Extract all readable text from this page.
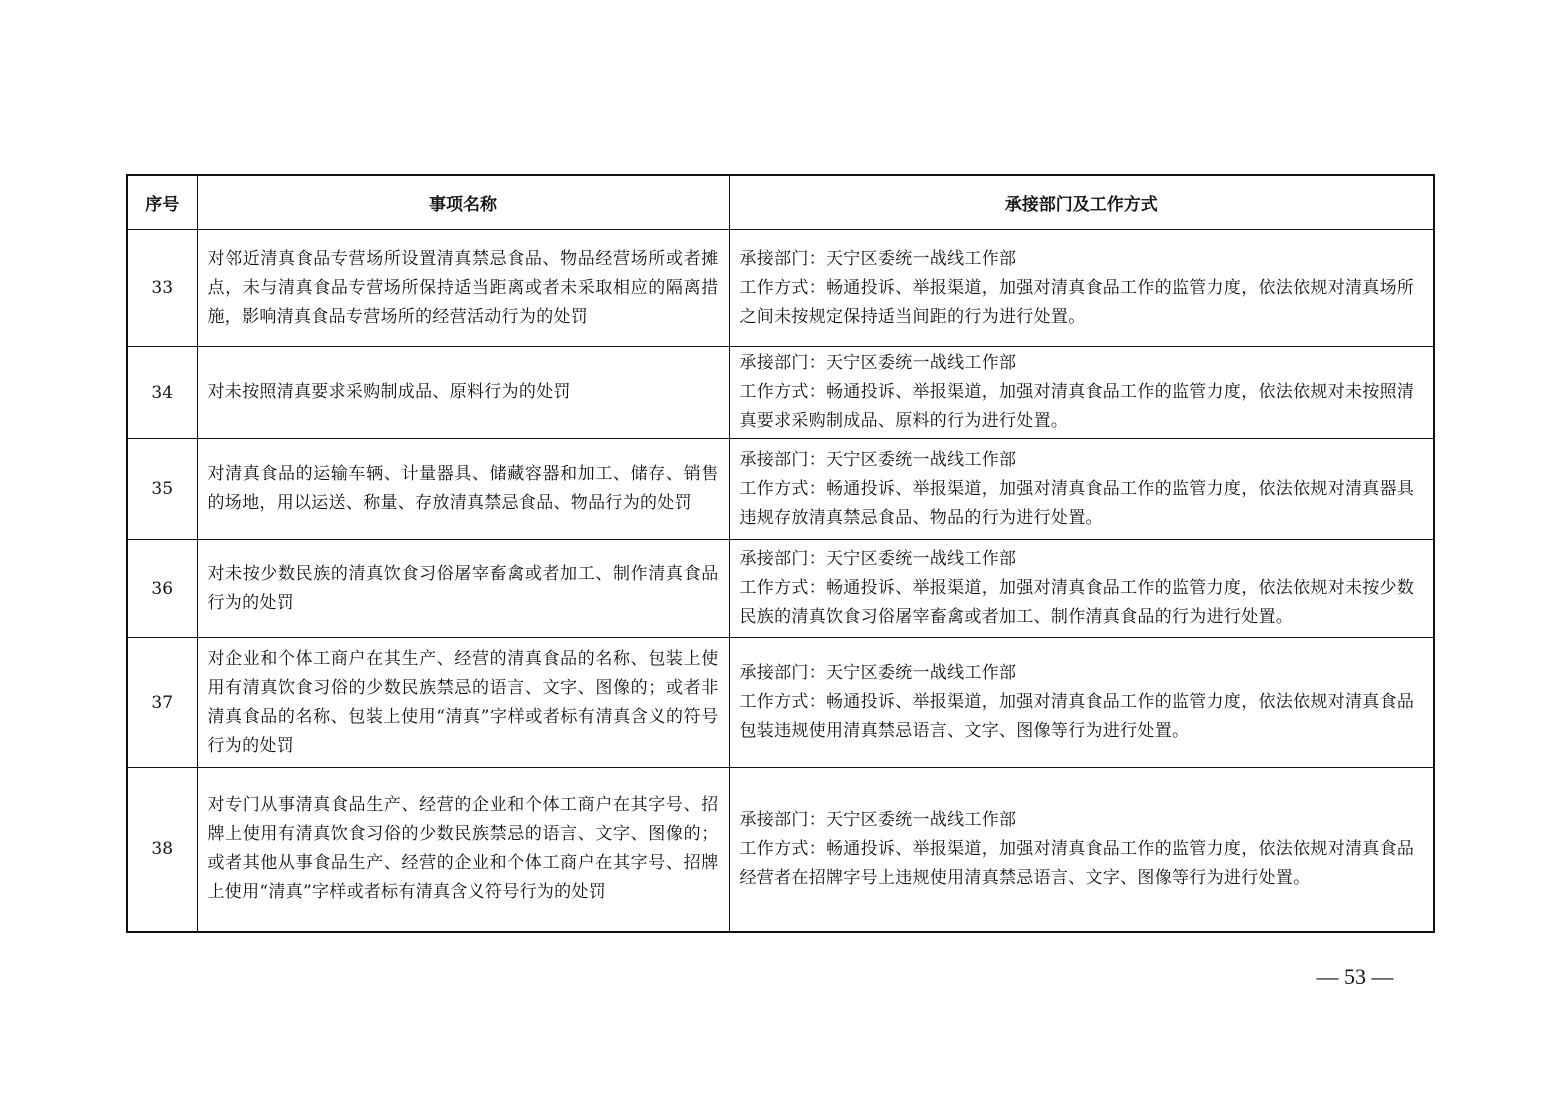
序号	事项名称	承接部门及工作方式
33	对邻近清真食品专营场所设置清真禁忌食品、物品经营场所或者摊点，未与清真食品专营场所保持适当距离或者未采取相应的隔离措施，影响清真食品专营场所的经营活动行为的处罚	承接部门：天宁区委统一战线工作部
工作方式：畅通投诉、举报渠道，加强对清真食品工作的监管力度，依法依规对清真场所之间未按规定保持适当间距的行为进行处置。

34	对未按照清真要求采购制成品、原料行为的处罚	承接部门：天宁区委统一战线工作部
工作方式：畅通投诉、举报渠道，加强对清真食品工作的监管力度，依法依规对未按照清真要求采购制成品、原料的行为进行处置。

35	对清真食品的运输车辆、计量器具、储藏容器和加工、储存、销售的场地，用以运送、称量、存放清真禁忌食品、物品行为的处罚	承接部门：天宁区委统一战线工作部
工作方式：畅通投诉、举报渠道，加强对清真食品工作的监管力度，依法依规对清真器具违规存放清真禁忌食品、物品的行为进行处置。

36	对未按少数民族的清真饮食习俗屠宰畜禽或者加工、制作清真食品行为的处罚	承接部门：天宁区委统一战线工作部
工作方式：畅通投诉、举报渠道，加强对清真食品工作的监管力度，依法依规对未按少数民族的清真饮食习俗屠宰畜禽或者加工、制作清真食品的行为进行处置。

37	对企业和个体工商户在其生产、经营的清真食品的名称、包装上使用有清真饮食习俗的少数民族禁忌的语言、文字、图像的；或者非清真食品的名称、包装上使用“清真”字样或者标有清真含义的符号行为的处罚	承接部门：天宁区委统一战线工作部
工作方式：畅通投诉、举报渠道，加强对清真食品工作的监管力度，依法依规对清真食品包装违规使用清真禁忌语言、文字、图像等行为进行处置。

38	对专门从事清真食品生产、经营的企业和个体工商户在其字号、招牌上使用有清真饮食习俗的少数民族禁忌的语言、文字、图像的；或者其他从事食品生产、经营的企业和个体工商户在其字号、招牌上使用“清真”字样或者标有清真含义符号行为的处罚	承接部门：天宁区委统一战线工作部
工作方式：畅通投诉、举报渠道，加强对清真食品工作的监管力度，依法依规对清真食品经营者在招牌字号上违规使用清真禁忌语言、文字、图像等行为进行处置。
— 53 —
